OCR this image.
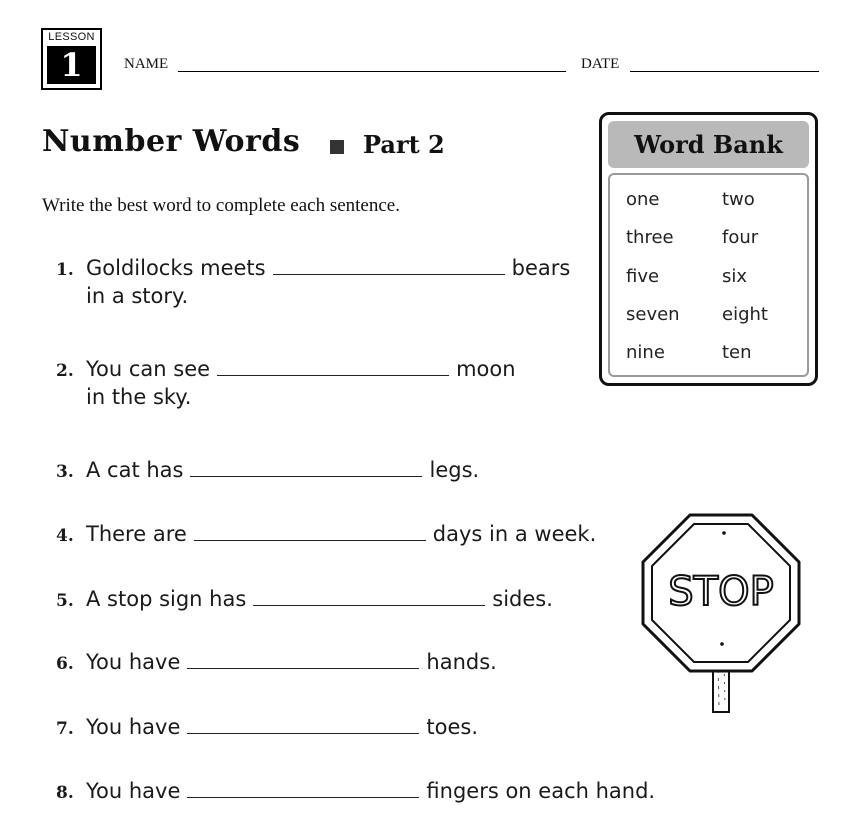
LESSON
1	NAME	DATE
Number Words	Part 2
Write the best word to complete each sentence.
1. Goldilocks meets	bears
in a story.
2. You can see	moon
in the sky.
3. A cat has	legs.
4. There are	days in a week.
5. A stop sign has	sides.
6. You have	hands.
7. You have	toes.
8. You have	fingers on each hand.
Word Bank
one	two
three	four
five	six
seven eight
nine	ten
STOP
